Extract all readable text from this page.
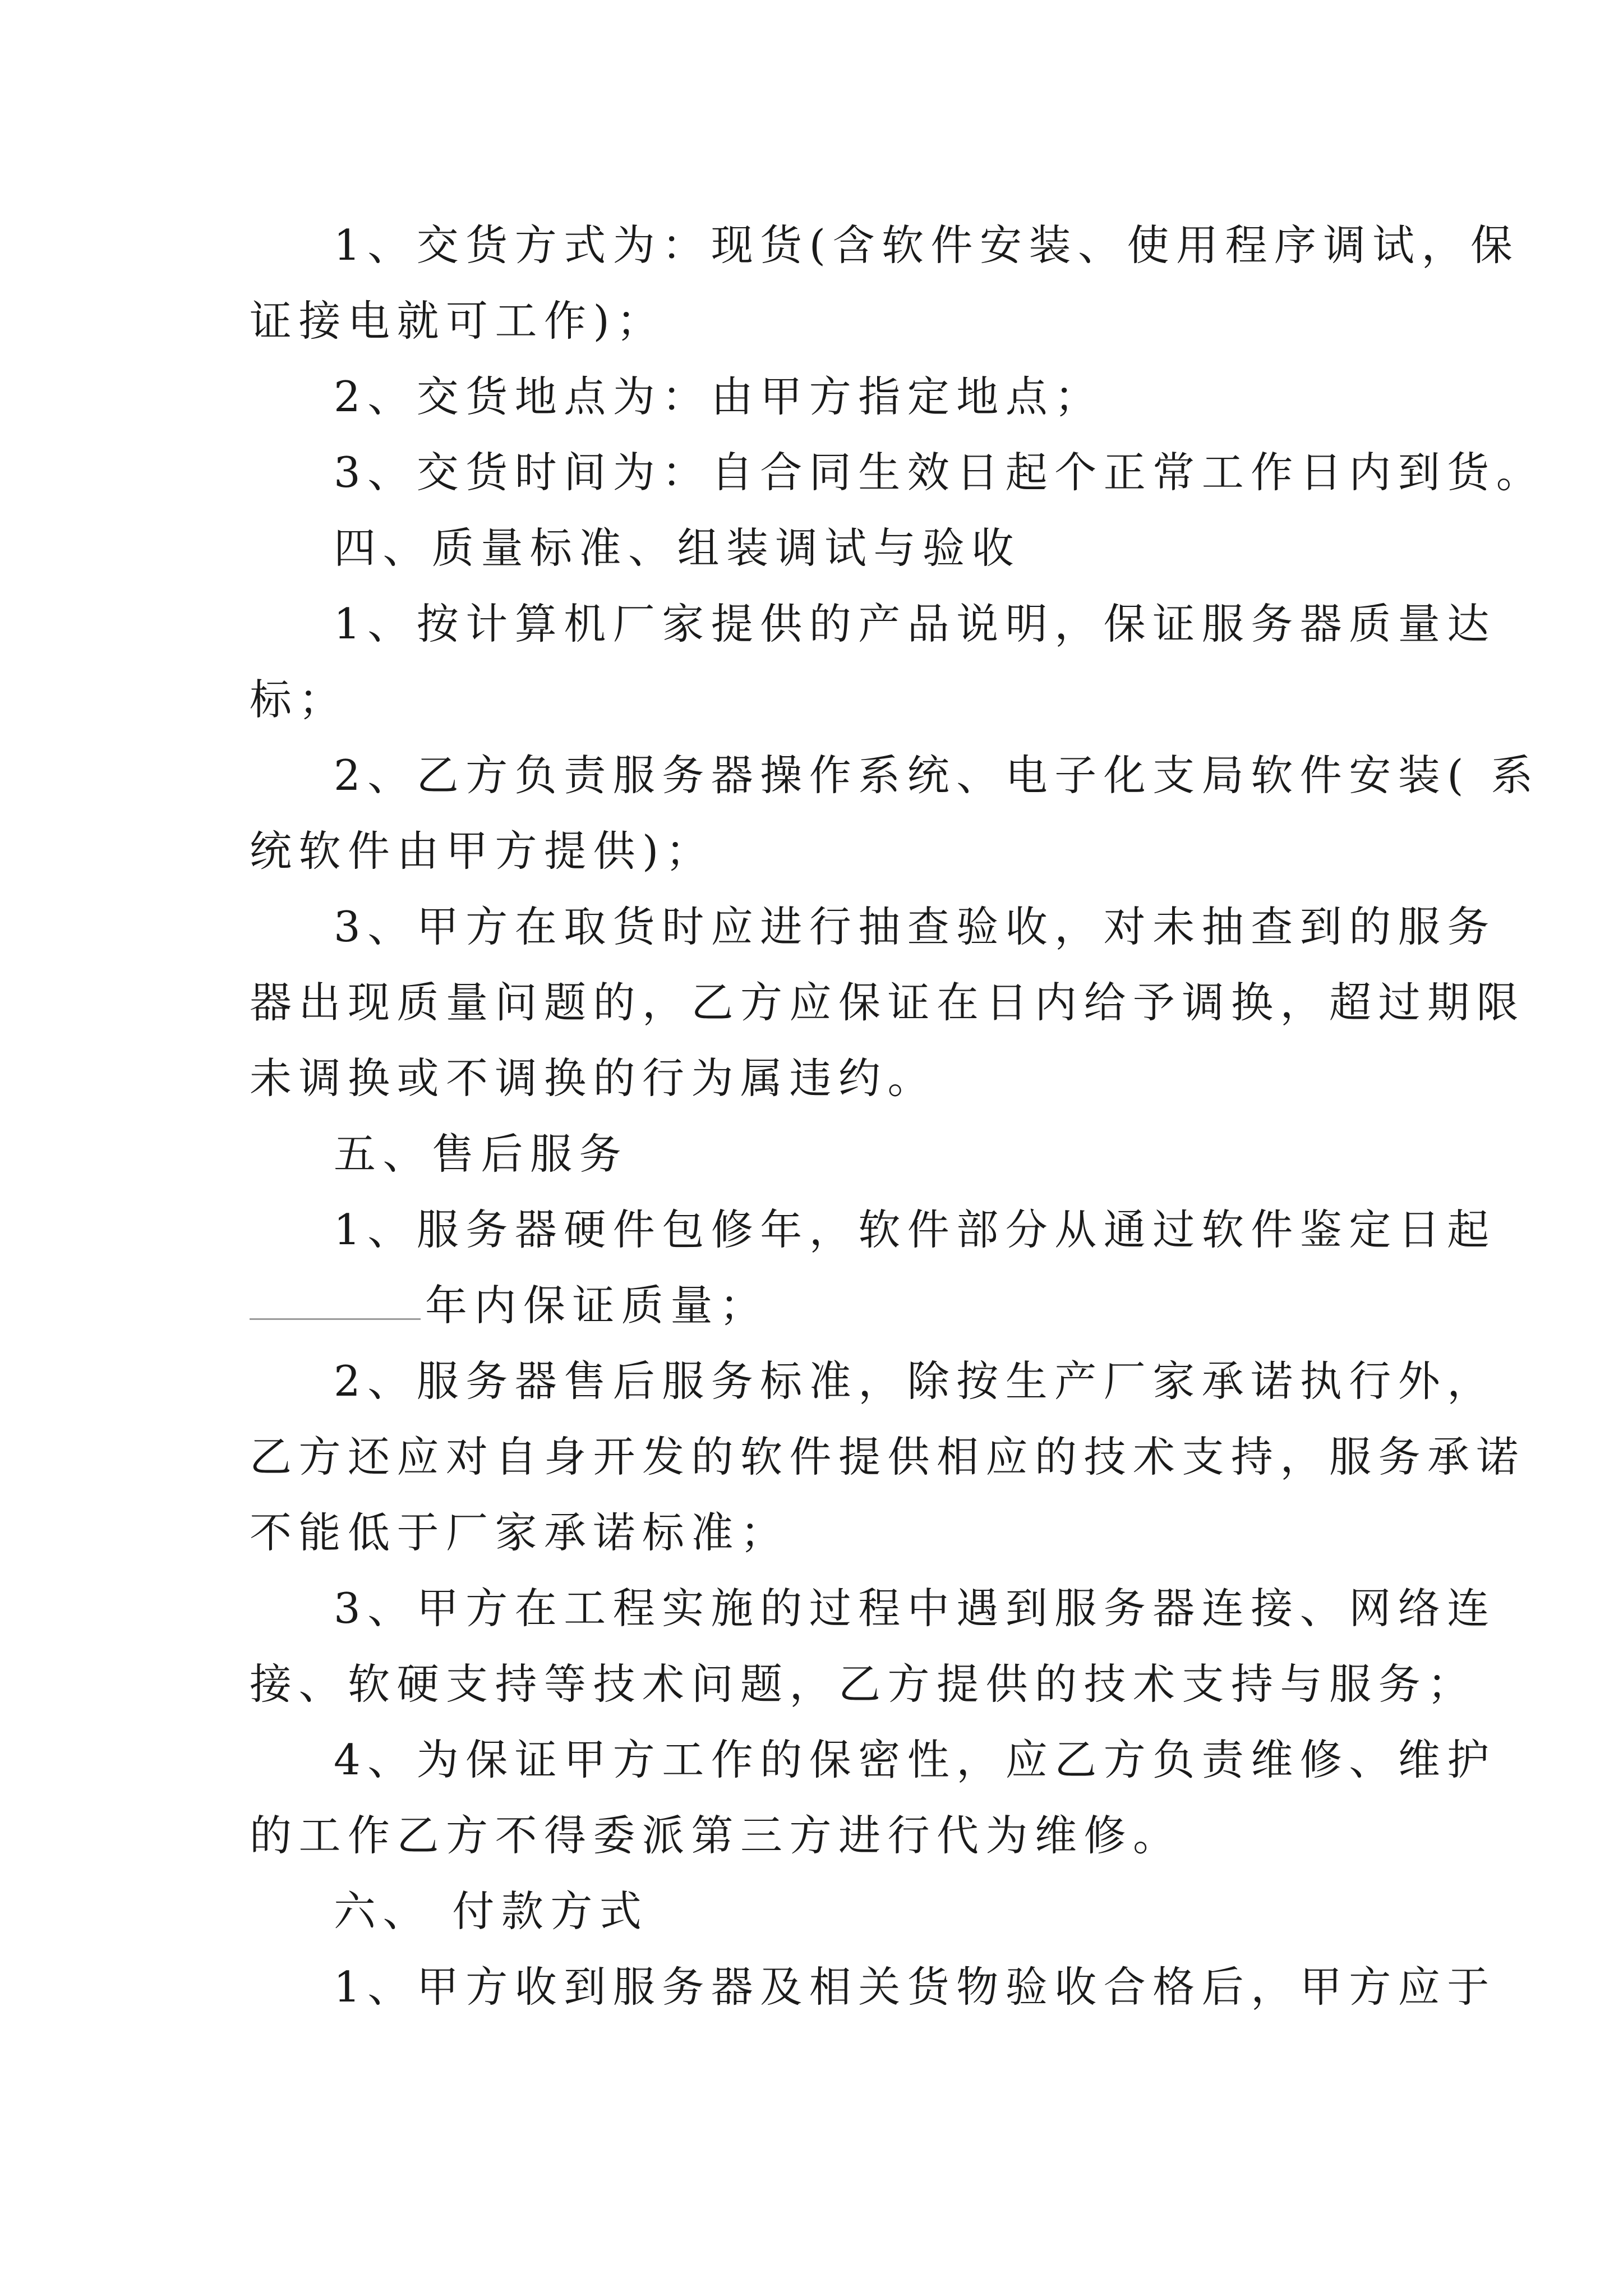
1、交货方式为：现货(含软件安装、使用程序调试，保
证接电就可工作)；
2、交货地点为：由甲方指定地点；
3、交货时间为：自合同生效日起个正常工作日内到货。
四、质量标准、组装调试与验收
1、按计算机厂家提供的产品说明，保证服务器质量达
标；
2、乙方负责服务器操作系统、电子化支局软件安装( 系
统软件由甲方提供)；
3、甲方在取货时应进行抽查验收，对未抽查到的服务
器出现质量问题的，乙方应保证在日内给予调换，超过期限
未调换或不调换的行为属违约。
五、售后服务
1、服务器硬件包修年，软件部分从通过软件鉴定日起
年内保证质量；
2、服务器售后服务标准，除按生产厂家承诺执行外，
乙方还应对自身开发的软件提供相应的技术支持，服务承诺
不能低于厂家承诺标准；
3、甲方在工程实施的过程中遇到服务器连接、网络连
接、软硬支持等技术问题，乙方提供的技术支持与服务；
4、为保证甲方工作的保密性，应乙方负责维修、维护
的工作乙方不得委派第三方进行代为维修。
六、 付款方式
1、甲方收到服务器及相关货物验收合格后，甲方应于
